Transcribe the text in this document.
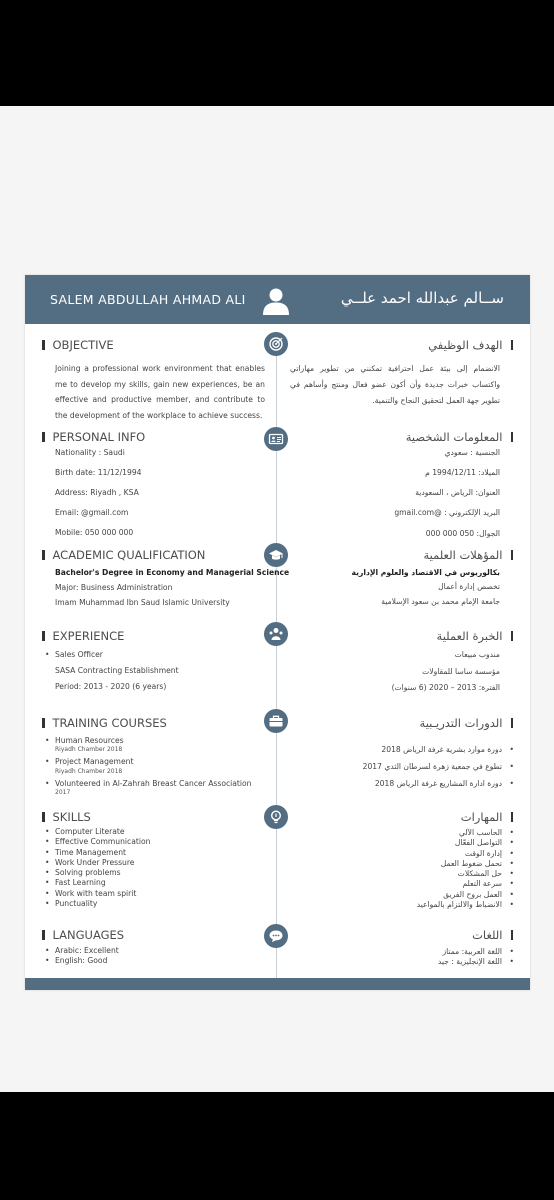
SALEM ABDULLAH AHMAD ALI	ســالم عبدالله احمد علــي
OBJECTIVE	الهدف الوظيفي
Joining a professional work environment that enables me to develop my skills, gain new experiences, be an effective and productive member, and contribute to the development of the workplace to achieve success.
الانضمام إلى بيئة عمل احترافية تمكنني من تطوير مهاراتي واكتساب خبرات جديدة وأن أكون عضو فعال ومنتج وأساهم في تطوير جهة العمل لتحقيق النجاح والتنمية.
PERSONAL INFO	المعلومات الشخصية
Nationality : Saudi
Birth date: 11/12/1994
Address: Riyadh , KSA
Email: @gmail.com
Mobile: 050 000 000
الجنسية : سعودي
الميلاد: 1994/12/11 م
العنوان: الرياض ، السعودية
البريد الإلكتروني : @gmail.com
الجوال: 050 000 000
ACADEMIC QUALIFICATION	المؤهلات العلمية
Bachelor's Degree in Economy and Managerial Science
Major: Business Administration
Imam Muhammad Ibn Saud Islamic University
بكالوريوس في الاقتصاد والعلوم الإدارية
تخصص إدارة أعمال
جامعة الإمام محمد بن سعود الإسلامية
EXPERIENCE	الخبرة العملية
• Sales Officer
SASA Contracting Establishment
Period: 2013 - 2020 (6 years)
مندوب مبيعات
مؤسسة ساسا للمقاولات
الفترة: 2013 – 2020 (6 سنوات)
TRAINING COURSES	الدورات التدريـبية
• Human Resources
Riyadh Chamber 2018
• Project Management
Riyadh Chamber 2018
• Volunteered in Al-Zahrah Breast Cancer Association
2017
• دورة موارد بشرية غرفة الرياض 2018
• تطوع في جمعية زهرة لسرطان الثدي 2017
• دورة ادارة المشاريع غرفة الرياض 2018
SKILLS	المهارات
• Computer Literate
• Effective Communication
• Time Management
• Work Under Pressure
• Solving problems
• Fast Learning
• Work with team spirit
• Punctuality
• الحاسب الآلي
• التواصل الفعّال
• إدارة الوقت
• تحمل ضغوط العمل
• حل المشكلات
• سرعة التعلم
• العمل بروح الفريق
• الانضباط والالتزام بالمواعيد
LANGUAGES	اللغات
• Arabic: Excellent
• English: Good
• اللغة العربية: ممتاز
• اللغة الإنجليزية : جيد
